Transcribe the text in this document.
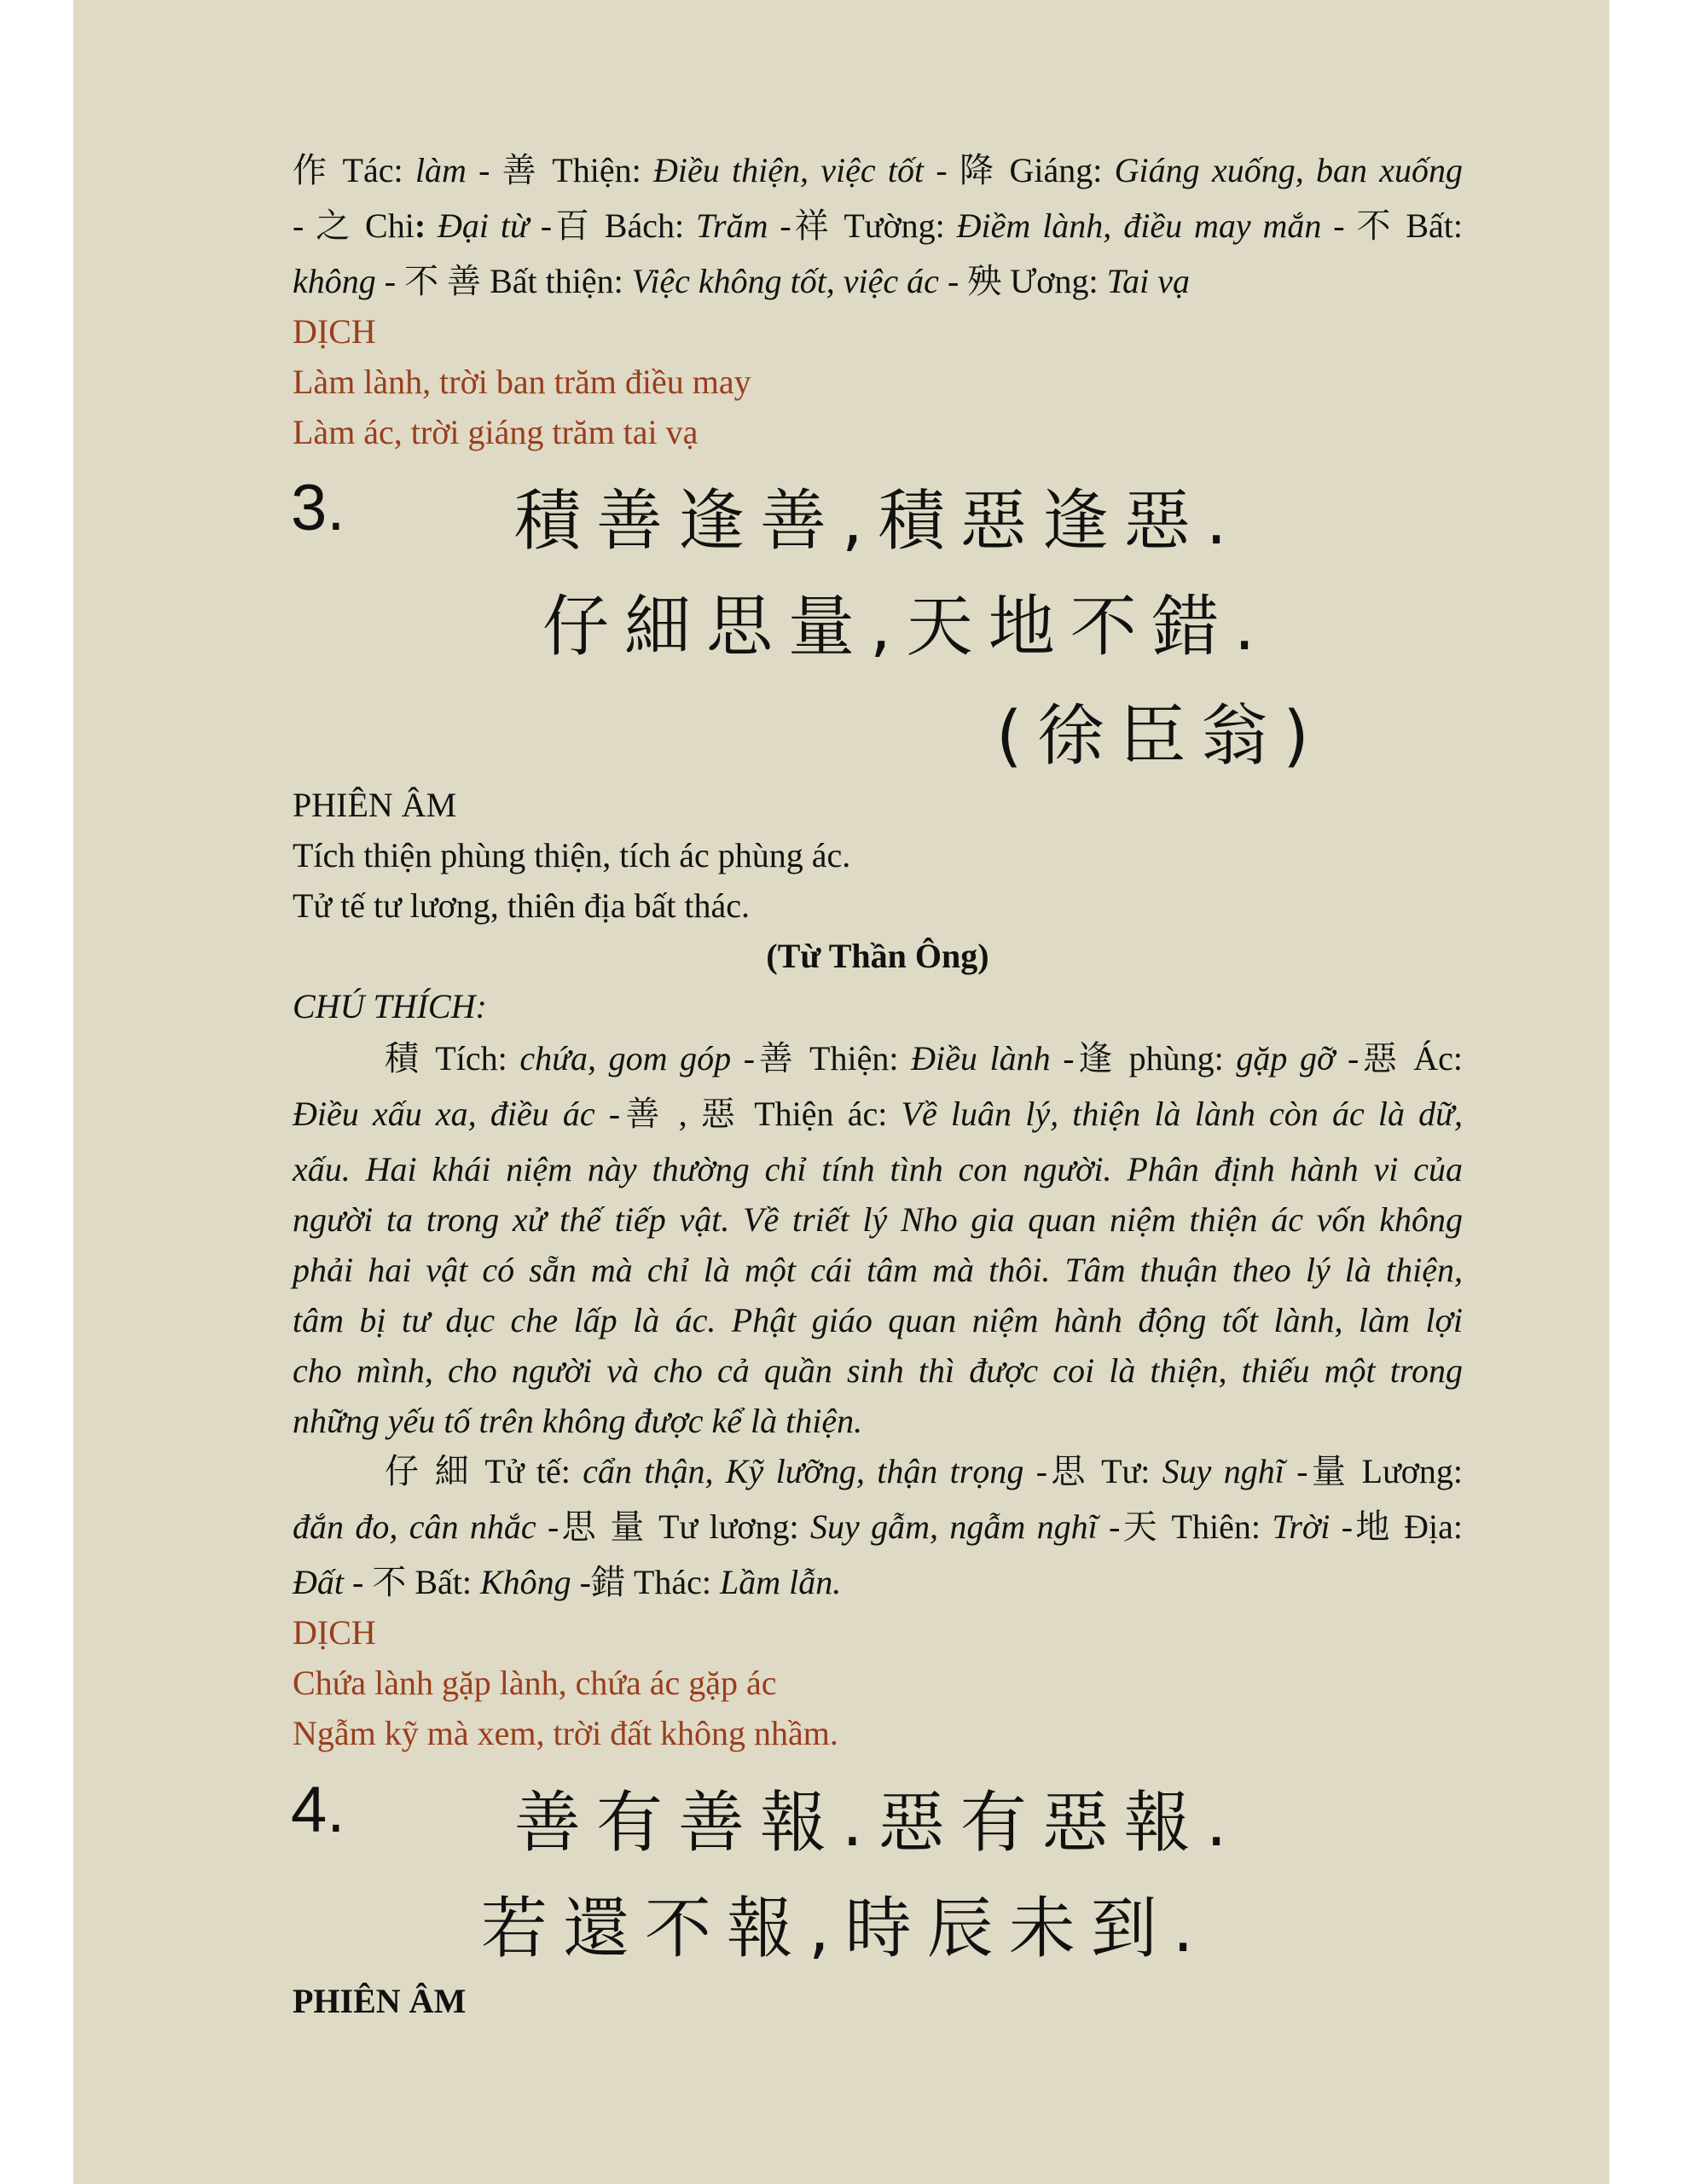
作 Tác: làm - 善 Thiện: Điều thiện, việc tốt - 降 Giáng: Giáng xuống, ban xuống
- 之 Chi: Đại từ -百 Bách: Trăm -祥 Tường: Điềm lành, điều may mắn - 不 Bất:
không - 不 善 Bất thiện: Việc không tốt, việc ác - 殃 Ương: Tai vạ
DỊCH
Làm lành, trời ban trăm điều may
Làm ác, trời giáng trăm tai vạ
3.	積善逢善,積惡逢惡.
仔細思量,天地不錯.
(徐臣翁)
PHIÊN ÂM
Tích thiện phùng thiện, tích ác phùng ác.
Tử tế tư lương, thiên địa bất thác.
(Từ Thần Ông)
CHÚ THÍCH:
積 Tích: chứa, gom góp -善 Thiện: Điều lành -逢 phùng: gặp gỡ -惡 Ác:
Điều xấu xa, điều ác -善 , 惡 Thiện ác: Về luân lý, thiện là lành còn ác là dữ,
xấu. Hai khái niệm này thường chỉ tính tình con người. Phân định hành vi của
người ta trong xử thế tiếp vật. Về triết lý Nho gia quan niệm thiện ác vốn không
phải hai vật có sẵn mà chỉ là một cái tâm mà thôi. Tâm thuận theo lý là thiện,
tâm bị tư dục che lấp là ác. Phật giáo quan niệm hành động tốt lành, làm lợi
cho mình, cho người và cho cả quần sinh thì được coi là thiện, thiếu một trong
những yếu tố trên không được kể là thiện.
仔 細 Tử tế: cẩn thận, Kỹ lưỡng, thận trọng -思 Tư: Suy nghĩ -量 Lương:
đắn đo, cân nhắc -思 量 Tư lương: Suy gẫm, ngẫm nghĩ -天 Thiên: Trời -地 Địa:
Đất - 不 Bất: Không -錯 Thác: Lầm lẫn.
DỊCH
Chứa lành gặp lành, chứa ác gặp ác
Ngẫm kỹ mà xem, trời đất không nhầm.
4.	善有善報.惡有惡報.
若還不報,時辰未到.
PHIÊN ÂM
